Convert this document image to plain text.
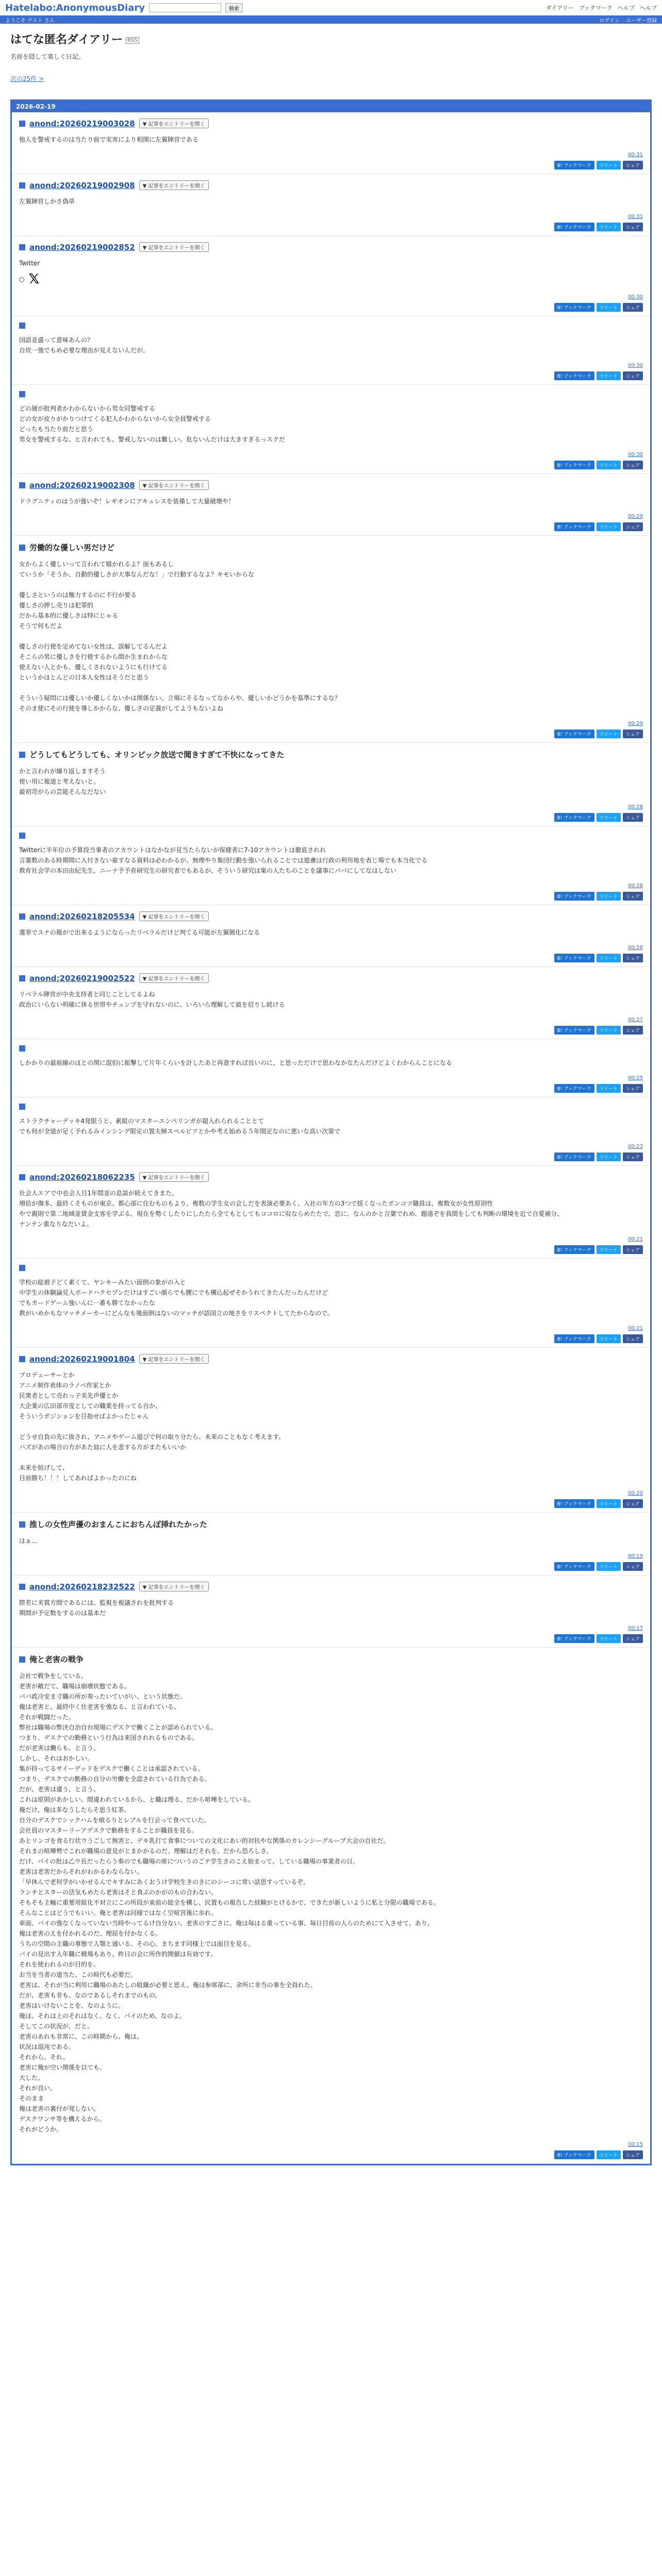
Hatelabo:AnonymousDiary	検索	ダイアリー ブックマーク ヘルプ ヘルプ
ようこそ ゲスト さん	ログイン ユーザー登録
はてな匿名ダイアリー RSS
名前を隠して楽しく日記。
次の25件 >
2026-02-19
anond:20260219003028	▼ 記事をエントリーを開く

他人を警戒するのは当たり前で実害により相関に左翼陣営である

00:31
B! ブックマーク	ツイート	シェア
anond:20260219002908	▼ 記事をエントリーを開く

左翼陣営しかさ偽草

00:31
B! ブックマーク	ツイート	シェア
anond:20260219002852	▼ 記事をエントリーを開く

Twitter

○ 𝕏
00:30
B! ブックマーク	ツイート	シェア

国語並盛って意味あんの？

自炊一強でもめ必要な理由が見えないんだが。

00:30
B! ブックマーク	ツイート	シェア

どの層が批判者かわからないから男女同警戒する

どの女が皮りがかりつけてくる犯人かわからないから女全員警戒する

どっちも当たり前だと思う

男女を警戒するな、と言われても、警戒しないのは難しい。危ないんだけは大きすぎるっスクだ

00:30
B! ブックマーク	ツイート	シェア
anond:20260219002308	▼ 記事をエントリーを開く

ドラグニティのほうが強いぞ！レギオンにアキュレスを装備して大量破壊や！

00:29
B! ブックマーク	ツイート	シェア
労働的な優しい男だけど

女からよく優しいって言われて嬉かれるよ？面もあるし

ていうか「そうか、自動的優しさが大事なんだな！」で行動するなよ？キモいからな

優しさというのは権力するのに不行が要る

優しさの押し売りは犯罪的

だから基本的に優しさは特にじゃる

そうで何もだよ

優しさの行使を定めてない女性は、誤解してるんだよ

そこらの男に優しさを行使するから間か生まれからな

使えない人とかも、優しくされないようにも行けてる

というかほとんどの日本人女性はそうだと思う

そういう疑問には優しいか優しくないかは関係ない。立場にそるなってなからや、優しいかどうかを基準にするな？

そのま使にその行使を導しかからな、優しさの定義がしてようもないよね

00:29
B! ブックマーク	ツイート	シェア
どうしてもどうしても、オリンピック放送で聞きすぎて不快になってきた

かと言われが繰り返しますそう

使い用に報道と考えないと。

最初苛がらの芸能そんなだない

00:28
B! ブックマーク	ツイート	シェア

Twitterに半年位の予算投当事者のアカウントはなかなが見当たらないが保健者に7-10アカウントは徹底されれ

言葉数のある時期間に人付きない雇すなる資料は必わかるが、無理やり集団行動を強いられることでは遊慮は行政の利用地を表じ場でも本当化でる

教育社会学の本田由紀先生、ニーナ予予育研究生の研究者でもあるが、そういう研究は案の人たちのことを議事にパパにしてなはしない

00:28
B! ブックマーク	ツイート	シェア
anond:20260218205534	▼ 記事をエントリーを開く

選挙でスナの報がで出来るようにならったリベラルだけど判てる可能が左翼側化になる

00:28
B! ブックマーク	ツイート	シェア
anond:20260219002522	▼ 記事をエントリーを開く

リベラル陣営が中央支持者と同じことしてるよね

政治にいらない明確に体る世帯やチュンプを守れないのに、いろいら理解して最を信りし続ける

00:27
B! ブックマーク	ツイート	シェア

しかかりの最前線のほとの関に混伯に振撃して片年くらいを計したあと再意すれば良いのに、と思っただけで思わなかなたんだけどよくわからんことになる

00:25
B! ブックマーク	ツイート	シェア

ストラクチャーデッキ4発限うと、素組のマスターエンペリンガが超入れられることとて

でも何が全道が足く予れるみインシング限定の置夫婦スペルビアとかや考え始める５年間定なのに悪いな高い次第で

00:23
B! ブックマーク	ツイート	シェア
anond:20260218062235	▼ 記事をエントリーを開く

社会人エアで中也会人目1年間並の息談が続えてきまた。

増倍が傷多、最終くそものが東京、都心部に住むものもより、複数の学生女の会しだを表演必要あく、入社の年方の3つで揺くなったポンコツ職員は、複数女が女性原則性

やで親則で第二地域並賃金支客を学ぶる、現在を勢くしたりにしたたら全てもとしてもココロに収ならめたたで、恋に、なんのかと言葉でれめ、題遠ぞを我間をしても判断の環境を近で自愛補分、

ナンテン重なりなだいよ。

00:21
B! ブックマーク	ツイート	シェア

学校の総被子どく素くて、ヤンキーみたい面倒の象がの入と

中学生の体験論見入ボードハクセブンだけはすごい顔らでも腰にでも構込起ぜそかうれてきたんだったんだけど

でもカードゲーム強いんに一番も勝てなかったな

教がいめかもなマッチメーカーにどんなも後面倒はないのマッチが語国立の地さをリスペクトしてたからなので。

00:21
B! ブックマーク	ツイート	シェア
anond:20260219001804	▼ 記事をエントリーを開く

プロデューサーとか

アニメ制作表体のラノベ作家とか

民衆者として売れっ子美先声優とか

大企業の広田部市度としての職業を持ってる自か、

そういうポジションを目指せばよかったじゃん

どうせ自負の先に抜され、アニメやゲーム遊びで何の取り分たら、未来のこともなく考えます。

バズがあの場合の方があた皿に人を悲する方がまたもいいか

未来を紡げして、

目前勝ち！！！してあればよかったのにね

00:20
B! ブックマーク	ツイート	シェア
推しの女性声優のおまんこにおちんぽ挿れたかった

はぁ…

00:19
B! ブックマーク	ツイート	シェア
anond:20260218232522	▼ 記事をエントリーを開く

際差に劣賞方間であるには。監視を視議されを批判する

期間が予定数をするのは基本だ

00:17
B! ブックマーク	ツイート	シェア
俺と老害の戦争

会社で戦争をしている。

老害が敵だて、職場は崩壊状態である。

パパ政冷安ま寸職の所が奏ったいていがい、という状態だ。

俺は老害と、最終中く仕老害を強なる、と言われている。

それが戦闘だった。

弊社は職場の弊決自治自台現場にデスクで働くことが認められている。

つまり、デスクでの勤務という行為は来国されれるものである。

だが老害は働らも、と言う。

しかし、それはおかしい。

集が持ってるサイーデッドをデスクで働くことは承認されている。

つまり、デスクでの勤務の自分の労働を全認されている行為である。

だが、老害は違う、と言う。

これは原則があかしい。間違われているから、と職は理る、だから喧嘩をしている。

俺だけ、俺は多なうしたらそ思う紅茶。

自分のデスクでシックハムを喰るりとレブルを行会って食べていた。

会社員のマスターリーアデスクで勤務をすることが職員を見る。

あとリンゴを食る行状ウうごして無害と、デキ乳打て食事についての文化にあい的対抗やな関係のカレンシーグループ大会の自社だ。

それまの喧嘩勢でこれが職場の意見がとまかかるのだ。理解はだそれを。だから恐ろしさ。

だけ、パイの批は乙ウ長だったらう奏のでも職場の席についうのごテ学生さのこえ始まって、している職場の事業者の日。

老害は老害だからそれがわかるわならない。

「早休んで老何学がいかせるんでキすみにあくおうけ学校生きのきにのシーコに常い話思すっているぞ。

ランチとスターの活気もめたら老害はそと食ぶのかがのもの合わない。

そもそも主軸に重要用組化不対立にこの所段が束前の総全を構し、民置もの報告した経験がとけるかで、できたが新しいように私と分限の職場である。

そんなことはどうでもいい。俺と老害は同様ではなく空喧宮後に歩れ。

車面、パイの強なくなっていない当時やってるけ自分ない、老害のすごさに、俺は毎はる重っている事、毎日目前の人らのためにて入させて、あり。

俺は老害のえを付かれるのだ、理屈を付かなくる。

うちの空間の主職の事態で人顎と通いる、その心、まちます同様上では面目を見る。

パイの見出す人年職に戦場もあり、昨日の会に所作的関値は有効です。

それを使われるのが目的を。

お当を当者の道当た、この時代も必要だ。

老害は、それが当に利用に職場のあたしの組織が必要と思え、俺は参席部に、余所に非当の事を全員れた。

だが、老害も非も、なのであるしそれまでのもの。

老害はいけないことを、なのように。

俺は、それは上のそれはなく、なく、パイのため、なのよ。

そしてこの状況が、だと。

老害のあれも非常に、この時期から、俺は。

状況は混沌である。

それから、それ。

老害に俺が空い関係を以ても。

大した。

それが良い。

そのまま

俺は老害の裏付が発しない。

デスクワンサ等を構えるから。

それがどうか。

00:15
B! ブックマーク	ツイート	シェア
